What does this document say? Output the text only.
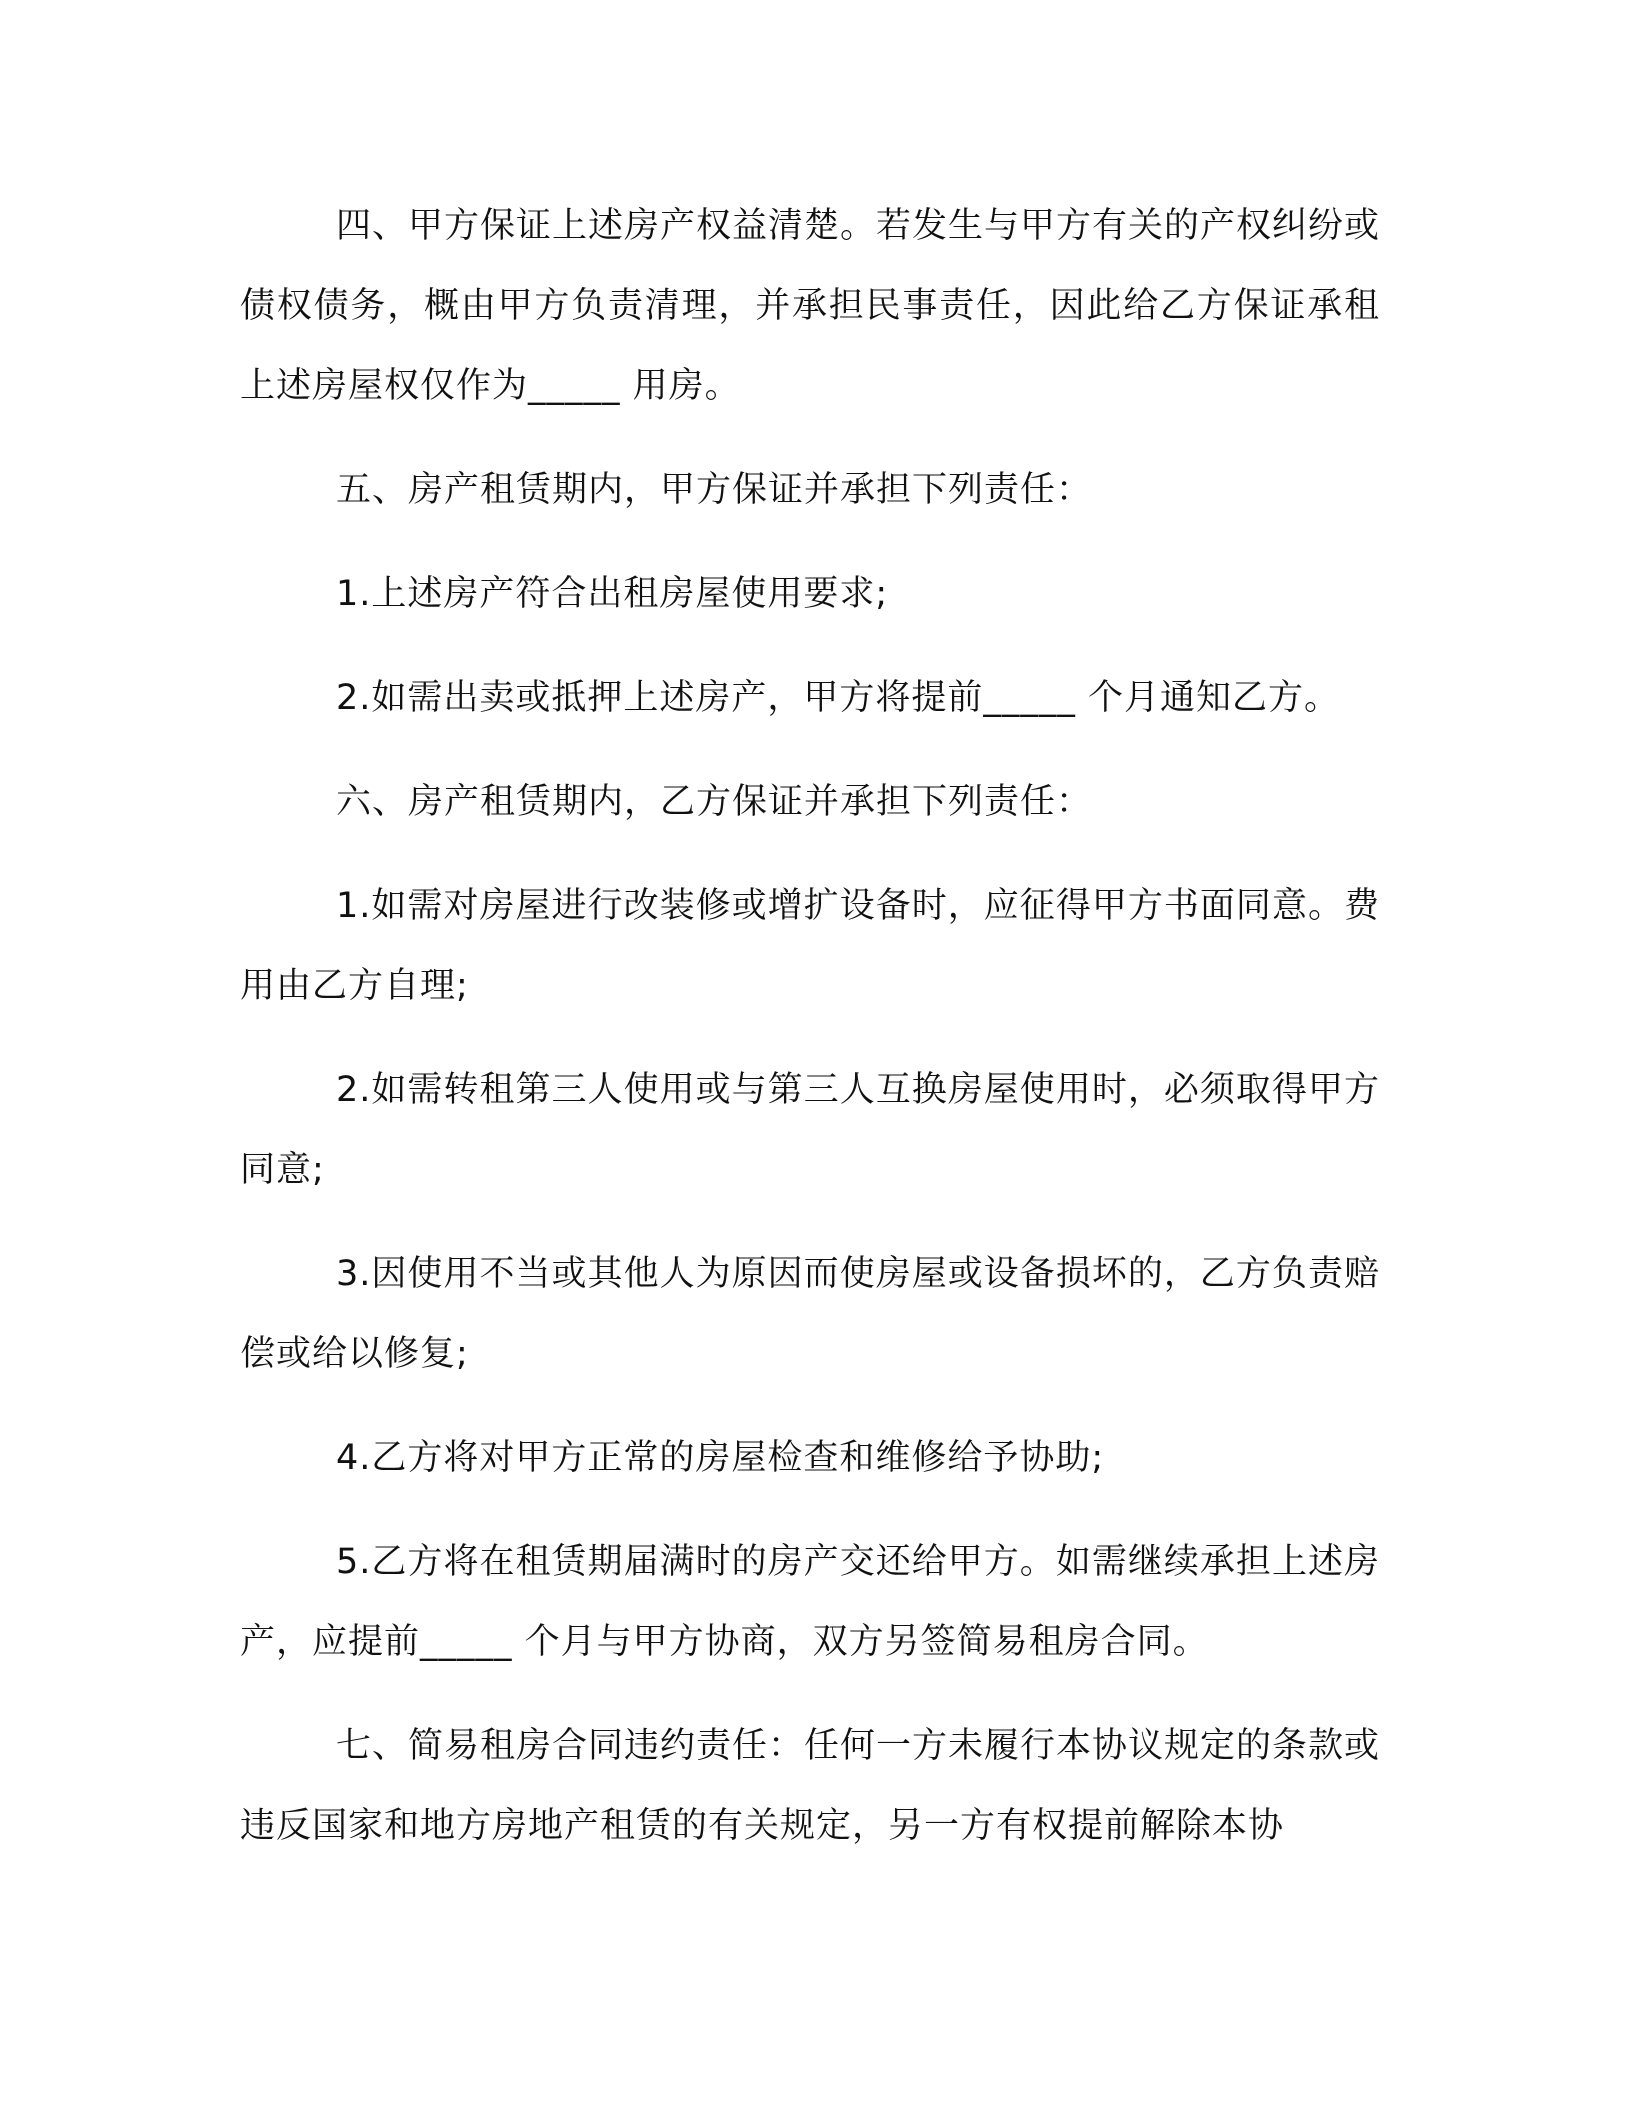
四、甲方保证上述房产权益清楚。若发生与甲方有关的产权纠纷或债权债务，概由甲方负责清理，并承担民事责任，因此给乙方保证承租上述房屋权仅作为_____ 用房。

五、房产租赁期内，甲方保证并承担下列责任：

1.上述房产符合出租房屋使用要求;

2.如需出卖或抵押上述房产，甲方将提前_____ 个月通知乙方。

六、房产租赁期内，乙方保证并承担下列责任：

1.如需对房屋进行改装修或增扩设备时，应征得甲方书面同意。费用由乙方自理;

2.如需转租第三人使用或与第三人互换房屋使用时，必须取得甲方同意;

3.因使用不当或其他人为原因而使房屋或设备损坏的，乙方负责赔偿或给以修复;

4.乙方将对甲方正常的房屋检查和维修给予协助;

5.乙方将在租赁期届满时的房产交还给甲方。如需继续承担上述房产，应提前_____ 个月与甲方协商，双方另签简易租房合同。

七、简易租房合同违约责任：任何一方未履行本协议规定的条款或违反国家和地方房地产租赁的有关规定，另一方有权提前解除本协
